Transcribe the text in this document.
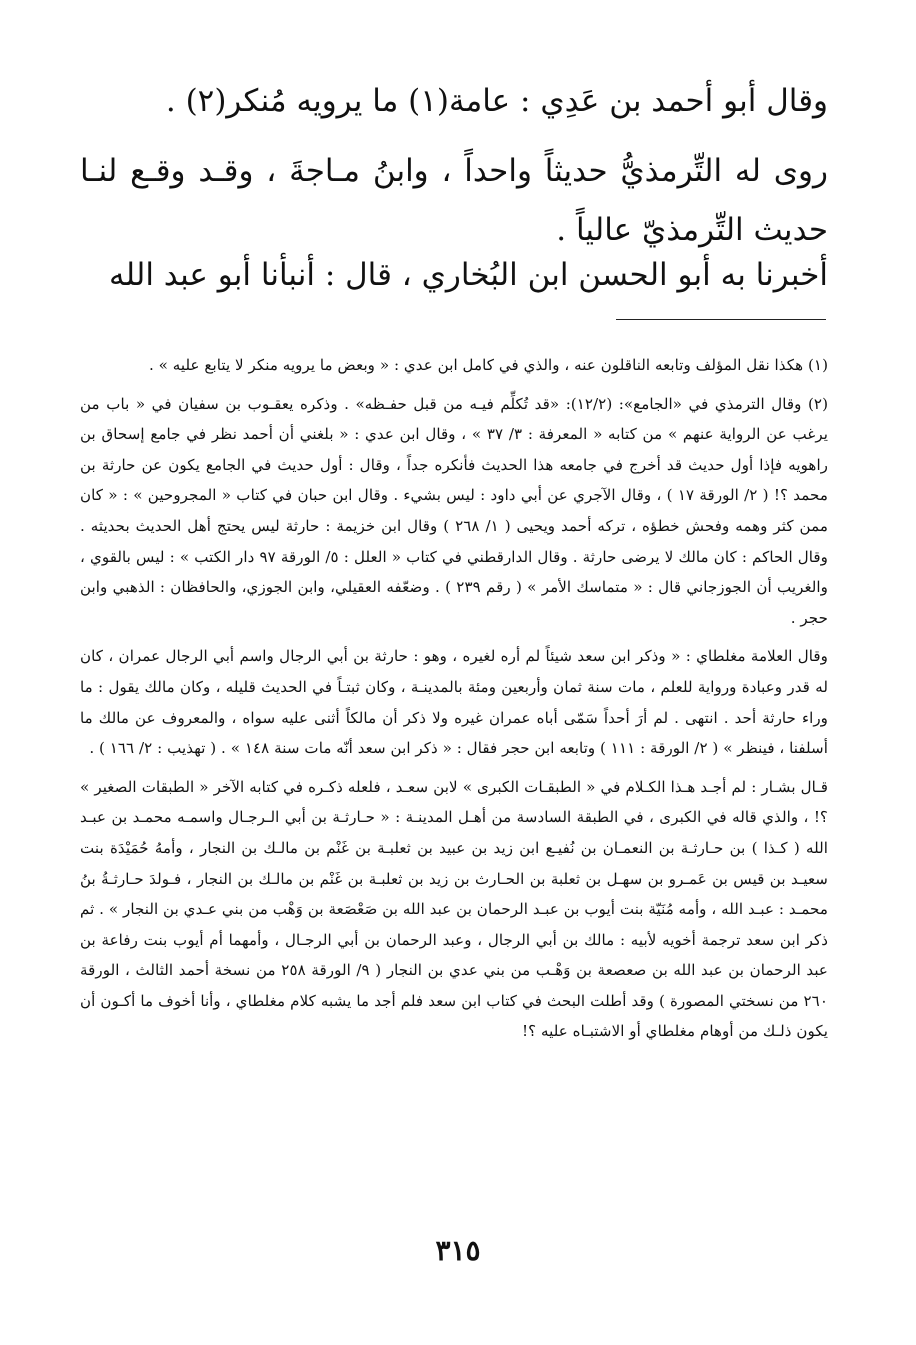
وقال أبو أحمد بن عَدِي : عامة(١) ما يرويه مُنكر(٢) .

روى له التِّرمذيُّ حديثاً واحداً ، وابنُ مـاجةَ ، وقـد وقـع لنـا حديث التِّرمذيّ عالياً .

أخبرنا به أبو الحسن ابن البُخاري ، قال : أنبأنا أبو عبد الله

(١) هكذا نقل المؤلف وتابعه الناقلون عنه ، والذي في كامل ابن عدي : « وبعض ما يرويه منكر لا يتابع عليه » .

(٢) وقال الترمذي في «الجامع»: (١٢/٢): «قد تُكلِّم فيـه من قبل حفـظه» . وذكره يعقـوب بن سفيان في « باب من يرغب عن الرواية عنهم » من كتابه « المعرفة : ٣/ ٣٧ » ، وقال ابن عدي : « بلغني أن أحمد نظر في جامع إسحاق بن راهويه فإذا أول حديث قد أخرج في جامعه هذا الحديث فأنكره جداً ، وقال : أول حديث في الجامع يكون عن حارثة بن محمد ؟! ( ٢/ الورقة ١٧ ) ، وقال الآجري عن أبي داود : ليس بشيء . وقال ابن حبان في كتاب « المجروحين » : « كان ممن كثر وهمه وفحش خطؤه ، تركه أحمد ويحيى ( ١/ ٢٦٨ ) وقال ابن خزيمة : حارثة ليس يحتج أهل الحديث بحديثه . وقال الحاكم : كان مالك لا يرضى حارثة . وقال الدارقطني في كتاب « العلل : ٥/ الورقة ٩٧ دار الكتب » : ليس بالقوي ، والغريب أن الجوزجاني قال : « متماسك الأمر » ( رقم ٢٣٩ ) . وضعّفه العقيلي، وابن الجوزي، والحافظان : الذهبي وابن حجر .

وقال العلامة مغلطاي : « وذكر ابن سعد شيئاً لم أره لغيره ، وهو : حارثة بن أبي الرجال واسم أبي الرجال عمران ، كان له قدر وعبادة ورواية للعلم ، مات سنة ثمان وأربعين ومئة بالمدينـة ، وكان ثبتـاً في الحديث قليله ، وكان مالك يقول : ما وراء حارثة أحد . انتهى . لم أرَ أحداً سَمّى أباه عمران غيره ولا ذكر أن مالكاً أثنى عليه سواه ، والمعروف عن مالك ما أسلفنا ، فينظر » ( ٢/ الورقة : ١١١ ) وتابعه ابن حجر فقال : « ذكر ابن سعد أنّه مات سنة ١٤٨ » . ( تهذيب : ٢/ ١٦٦ ) .

قـال بشـار : لم أجـد هـذا الكـلام في « الطبقـات الكبرى » لابن سعـد ، فلعله ذكـره في كتابه الآخر « الطبقات الصغير » ؟! ، والذي قاله في الكبرى ، في الطبقة السادسة من أهـل المدينـة : « حـارثـة بن أبي الـرجـال واسمـه محمـد بن عبـد الله ( كـذا ) بن حـارثـة بن النعمـان بن نُفيـع ابن زيد بن عبيد بن ثعلبـة بن غَنْم بن مالـك بن النجار ، وأمهُ حُمَيْدَة بنت سعيـد بن قيس بن عَمـرو بن سهـل بن ثعلبة بن الحـارث بن زيد بن ثعلبـة بن غَنْم بن مالـك بن النجار ، فـولدَ حـارثـةُ بنُ محمـد : عبـد الله ، وأمه مُنَيّة بنت أيوب بن عبـد الرحمان بن عبد الله بن صَعْصَعة بن وَهْب من بني عـدي بن النجار » . ثم ذكر ابن سعد ترجمة أخويه لأبيه : مالك بن أبي الرجال ، وعبد الرحمان بن أبي الرجـال ، وأمهما أم أيوب بنت رفاعة بن عبد الرحمان بن عبد الله بن صعصعة بن وَهْـب من بني عدي بن النجار ( ٩/ الورقة ٢٥٨ من نسخة أحمد الثالث ، الورقة ٢٦٠ من نسختي المصورة ) وقد أطلت البحث في كتاب ابن سعد فلم أجد ما يشبه كلام مغلطاي ، وأنا أخوف ما أكـون أن يكون ذلـك من أوهام مغلطاي أو الاشتبـاه عليه ؟!

٣١٥
